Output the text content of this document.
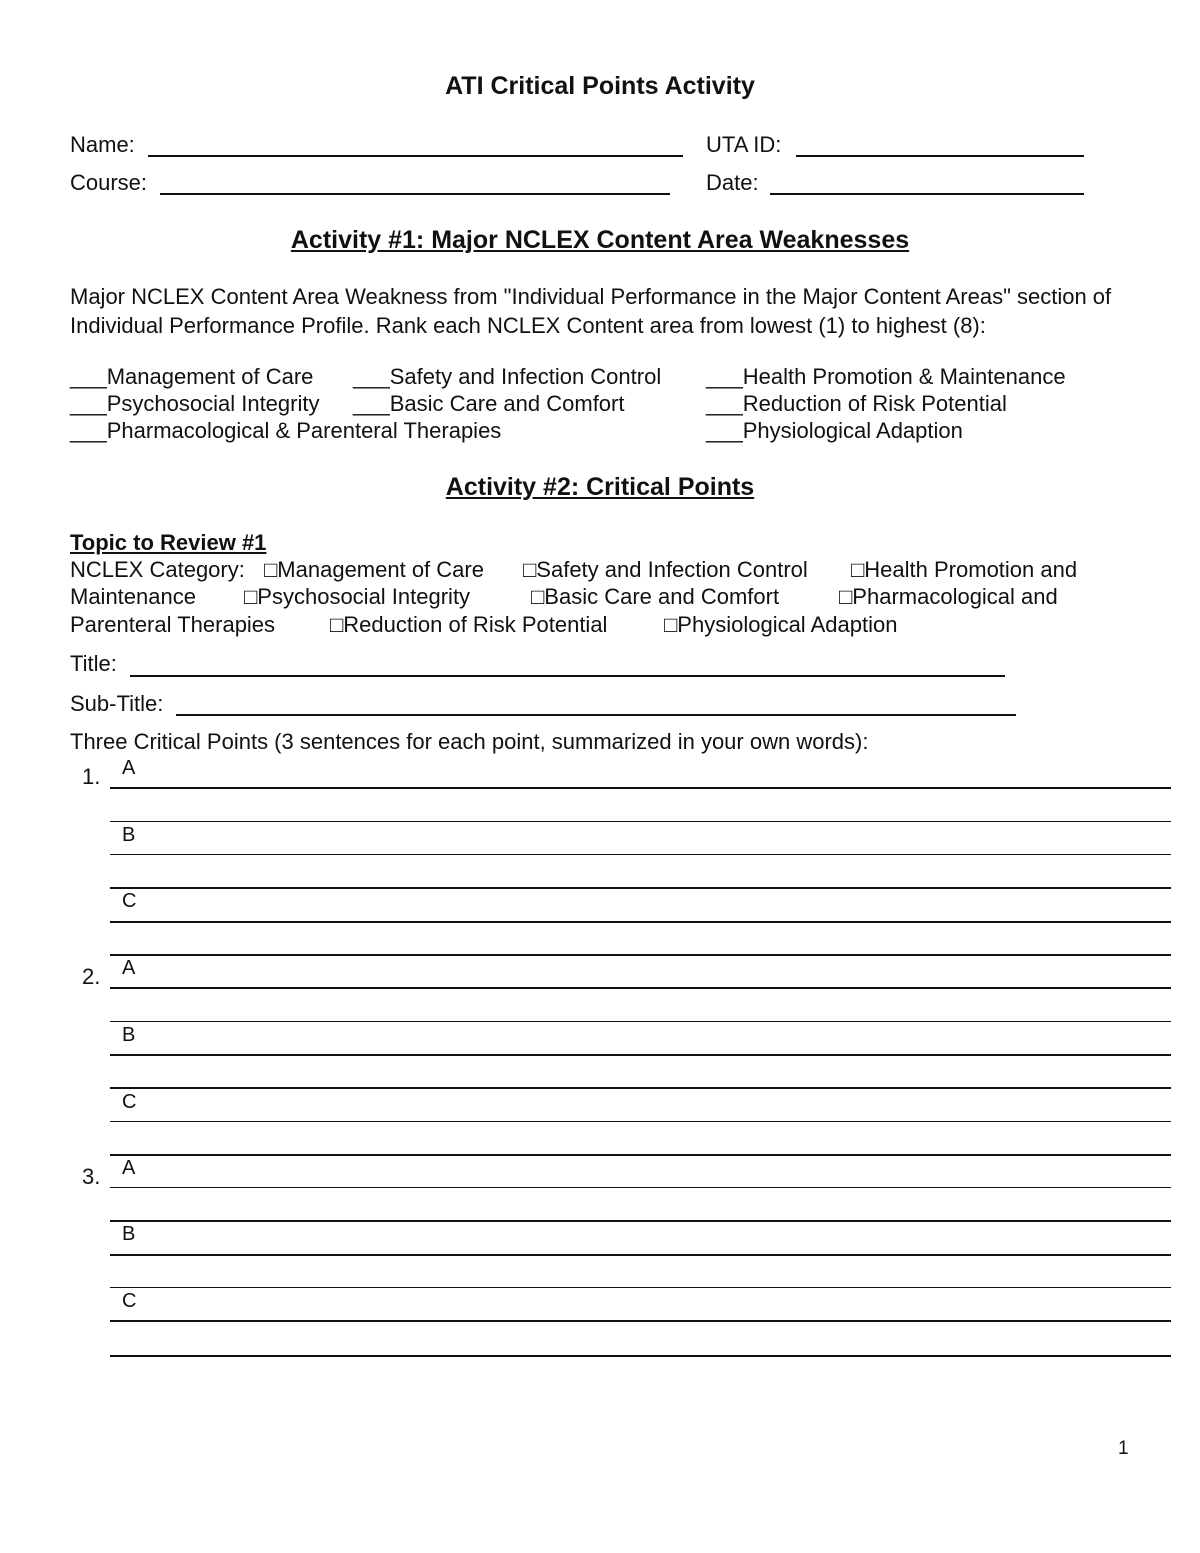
ATI Critical Points Activity
Name:	UTA ID:
Course:	Date:
Activity #1: Major NCLEX Content Area Weaknesses
Major NCLEX Content Area Weakness from "Individual Performance in the Major Content Areas" section of Individual Performance Profile. Rank each NCLEX Content area from lowest (1) to highest (8):
___Management of Care ___Safety and Infection Control ___Health Promotion & Maintenance
___Psychosocial Integrity ___Basic Care and Comfort	___Reduction of Risk Potential
___Pharmacological & Parenteral Therapies	___Physiological Adaption
Activity #2: Critical Points
Topic to Review #1
NCLEX Category: □Management of Care □Safety and Infection Control □Health Promotion and
Maintenance □Psychosocial Integrity	□Basic Care and Comfort	□Pharmacological and
Parenteral Therapies □Reduction of Risk Potential	□Physiological Adaption
Title:
Sub-Title:
Three Critical Points (3 sentences for each point, summarized in your own words):
1. A
B
C
2. A
B
C
3. A
B
C
1
